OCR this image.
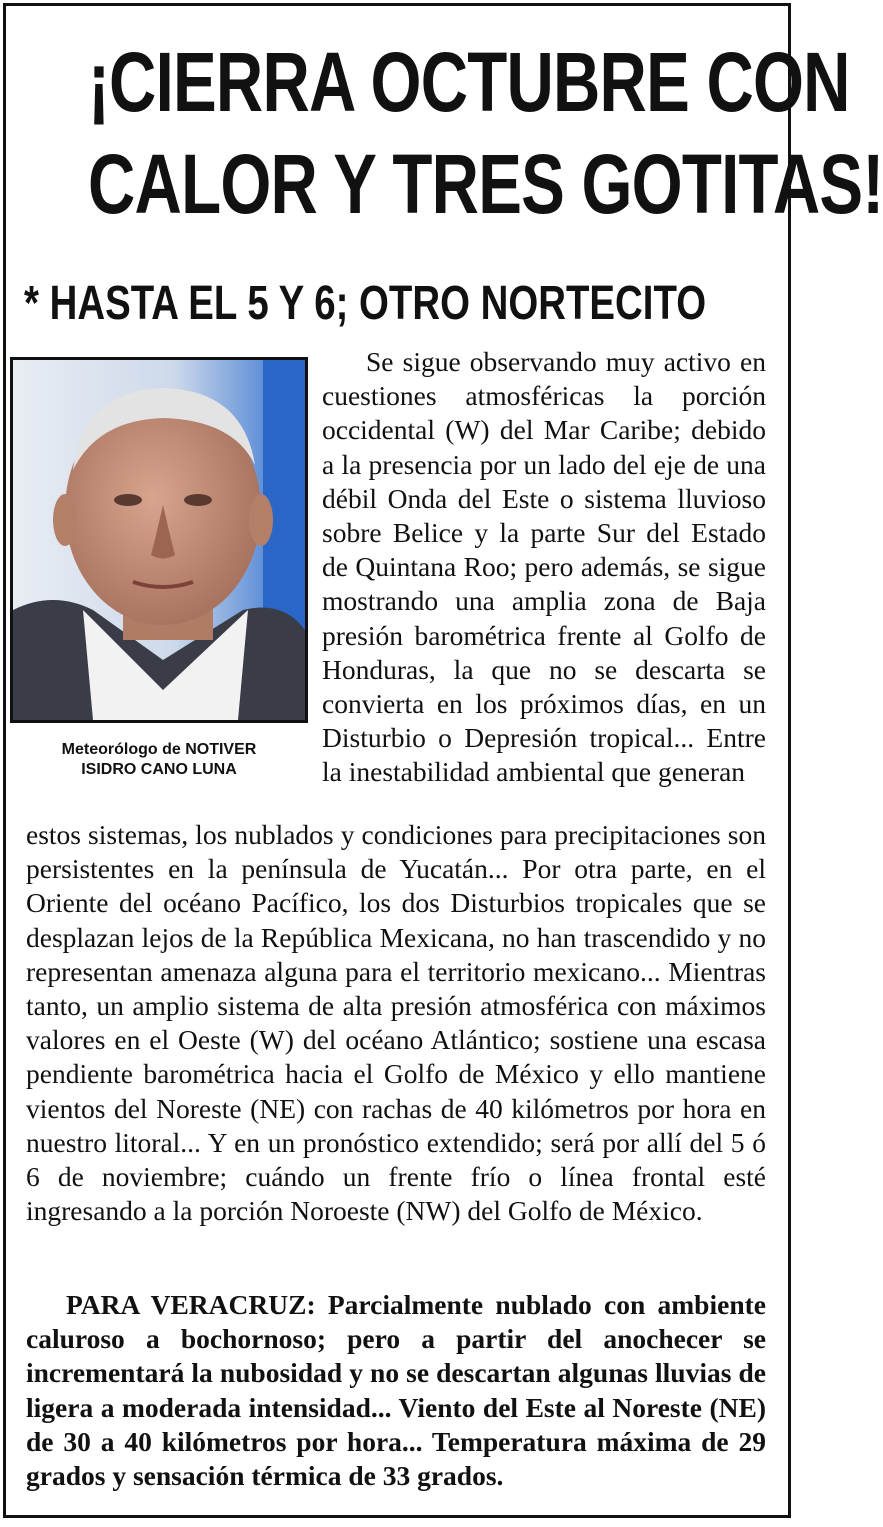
¡CIERRA OCTUBRE CON
CALOR Y TRES GOTITAS!
* HASTA EL 5 Y 6; OTRO NORTECITO
Meteorólogo de NOTIVER
ISIDRO CANO LUNA

Se sigue observando muy activo en cuestiones atmosféricas la porción occidental (W) del Mar Caribe; debido a la presencia por un lado del eje de una débil Onda del Este o sistema lluvioso sobre Belice y la parte Sur del Estado de Quintana Roo; pero además, se sigue mostrando una amplia zona de Baja presión barométrica frente al Golfo de Honduras, la que no se descarta se convierta en los próximos días, en un Disturbio o Depresión tropical... Entre la inestabilidad ambiental que generan

estos sistemas, los nublados y condiciones para precipitaciones son persistentes en la península de Yucatán... Por otra parte, en el Oriente del océano Pacífico, los dos Disturbios tropicales que se desplazan lejos de la República Mexicana, no han trascendido y no representan amenaza alguna para el territorio mexicano... Mientras tanto, un amplio sistema de alta presión atmosférica con máximos valores en el Oeste (W) del océano Atlántico; sostiene una escasa pendiente barométrica hacia el Golfo de México y ello mantiene vientos del Noreste (NE) con rachas de 40 kilómetros por hora en nuestro litoral... Y en un pronóstico extendido; será por allí del 5 ó 6 de noviembre; cuándo un frente frío o línea frontal esté ingresando a la porción Noroeste (NW) del Golfo de México.

PARA VERACRUZ: Parcialmente nublado con ambiente caluroso a bochornoso; pero a partir del anochecer se incrementará la nubosidad y no se descartan algunas lluvias de ligera a moderada intensidad... Viento del Este al Noreste (NE) de 30 a 40 kilómetros por hora... Temperatura máxima de 29 grados y sensación térmica de 33 grados.
